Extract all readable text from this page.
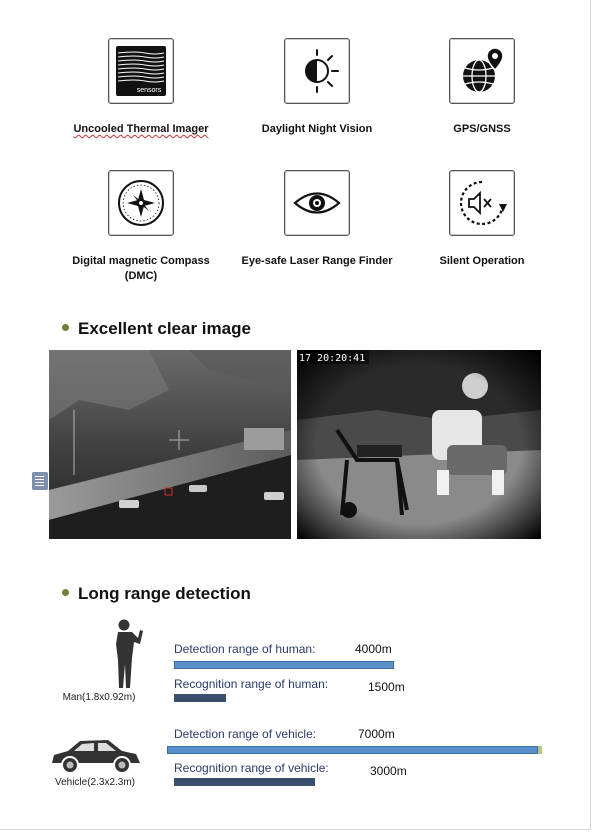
sensors
Uncooled Thermal Imager	Daylight Night Vision	GPS/GNSS
Digital magnetic Compass (DMC)
Eye-safe Laser Range Finder	Silent Operation
Excellent clear image
17 20:20:41
Long range detection
Man(1.8x0.92m)
Detection range of human:	4000m
Recognition range of human:	1500m
Vehicle(2.3x2.3m)
Detection range of vehicle:	7000m
Recognition range of vehicle:	3000m
